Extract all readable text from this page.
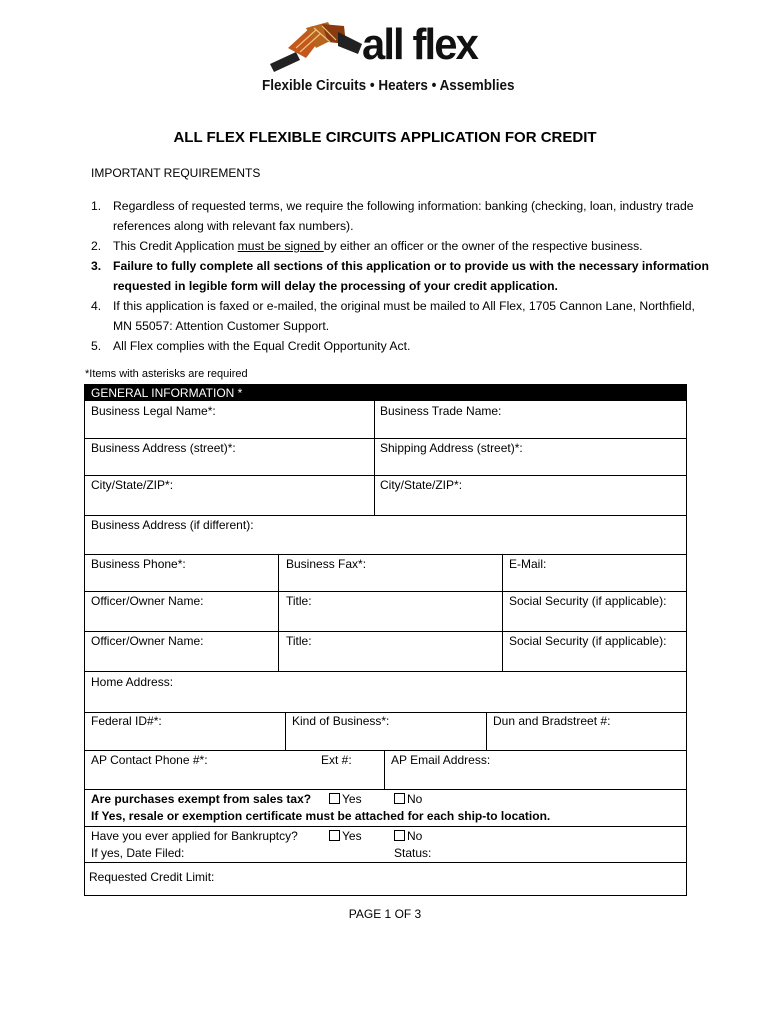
all flex
Flexible Circuits • Heaters • Assemblies
ALL FLEX FLEXIBLE CIRCUITS APPLICATION FOR CREDIT
IMPORTANT REQUIREMENTS
1. Regardless of requested terms, we require the following information: banking (checking, loan, industry trade references along with relevant fax numbers).
2. This Credit Application must be signed by either an officer or the owner of the respective business.
3. Failure to fully complete all sections of this application or to provide us with the necessary information requested in legible form will delay the processing of your credit application.
4. If this application is faxed or e-mailed, the original must be mailed to All Flex, 1705 Cannon Lane, Northfield, MN 55057: Attention Customer Support.
5. All Flex complies with the Equal Credit Opportunity Act.
*Items with asterisks are required
GENERAL INFORMATION *
Business Legal Name*:	Business Trade Name:
Business Address (street)*:	Shipping Address (street)*:
City/State/ZIP*:	City/State/ZIP*:
Business Address (if different):
Business Phone*:	Business Fax*:	E-Mail:
Officer/Owner Name:	Title:	Social Security (if applicable):
Officer/Owner Name:	Title:	Social Security (if applicable):
Home Address:
Federal ID#*:	Kind of Business*:	Dun and Bradstreet #:
AP Contact Phone #*:	Ext #:	AP Email Address:
Are purchases exempt from sales tax?	Yes	No
If Yes, resale or exemption certificate must be attached for each ship-to location.
Have you ever applied for Bankruptcy?	Yes	No
If yes, Date Filed:	Status:
Requested Credit Limit:
PAGE 1 OF 3
